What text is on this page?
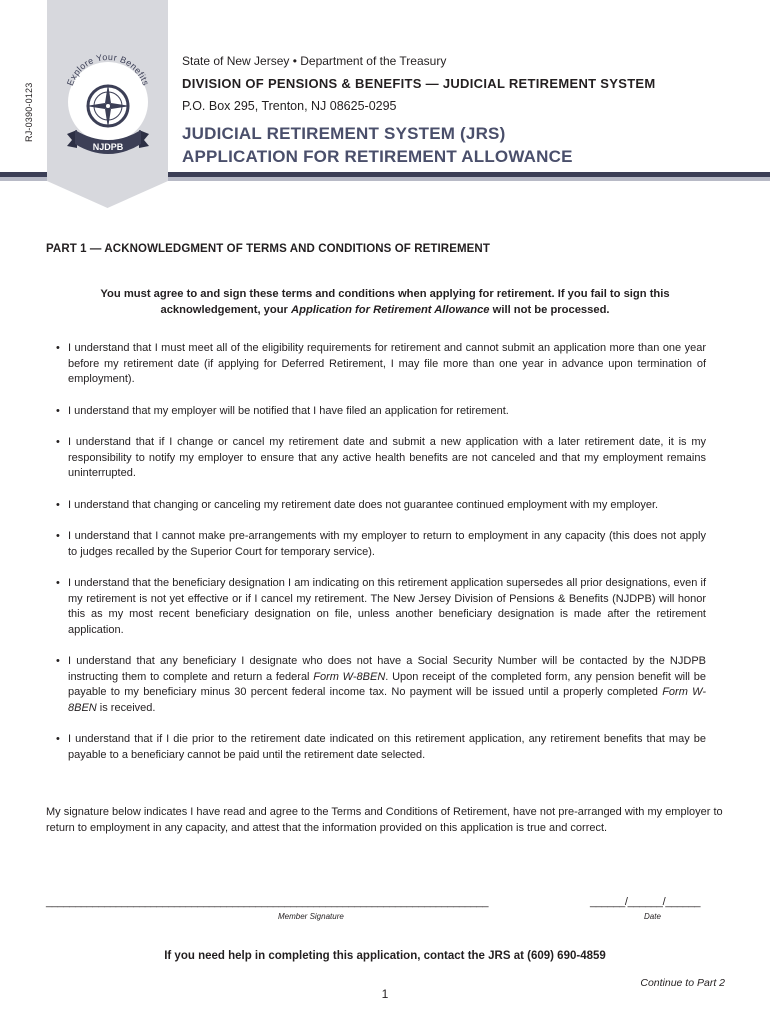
RJ-0390-0123
Explore Your Benefits
NJDPB
State of New Jersey • Department of the Treasury
DIVISION OF PENSIONS & BENEFITS — JUDICIAL RETIREMENT SYSTEM
P.O. Box 295, Trenton, NJ 08625-0295
JUDICIAL RETIREMENT SYSTEM (JRS)
APPLICATION FOR RETIREMENT ALLOWANCE
PART 1 — ACKNOWLEDGMENT OF TERMS AND CONDITIONS OF RETIREMENT
You must agree to and sign these terms and conditions when applying for retirement. If you fail to sign this acknowledgement, your Application for Retirement Allowance will not be processed.
• I understand that I must meet all of the eligibility requirements for retirement and cannot submit an application more than one year before my retirement date (if applying for Deferred Retirement, I may file more than one year in advance upon termination of employment).
• I understand that my employer will be notified that I have filed an application for retirement.
• I understand that if I change or cancel my retirement date and submit a new application with a later retirement date, it is my responsibility to notify my employer to ensure that any active health benefits are not canceled and that my employment remains uninterrupted.
• I understand that changing or canceling my retirement date does not guarantee continued employment with my employer.
• I understand that I cannot make pre-arrangements with my employer to return to employment in any capacity (this does not apply to judges recalled by the Superior Court for temporary service).
• I understand that the beneficiary designation I am indicating on this retirement application supersedes all prior designations, even if my retirement is not yet effective or if I cancel my retirement. The New Jersey Division of Pensions & Benefits (NJDPB) will honor this as my most recent beneficiary designation on file, unless another beneficiary designation is made after the retirement application.
• I understand that any beneficiary I designate who does not have a Social Security Number will be contacted by the NJDPB instructing them to complete and return a federal Form W-8BEN. Upon receipt of the completed form, any pension benefit will be payable to my beneficiary minus 30 percent federal income tax. No payment will be issued until a properly completed Form W-8BEN is received.
• I understand that if I die prior to the retirement date indicated on this retirement application, any retirement benefits that may be payable to a beneficiary cannot be paid until the retirement date selected.
My signature below indicates I have read and agree to the Terms and Conditions of Retirement, have not pre-arranged with my employer to return to employment in any capacity, and attest that the information provided on this application is true and correct.
____________________________________________________________________________
Member Signature
______/______/______
Date
If you need help in completing this application, contact the JRS at (609) 690-4859
Continue to Part 2
1
